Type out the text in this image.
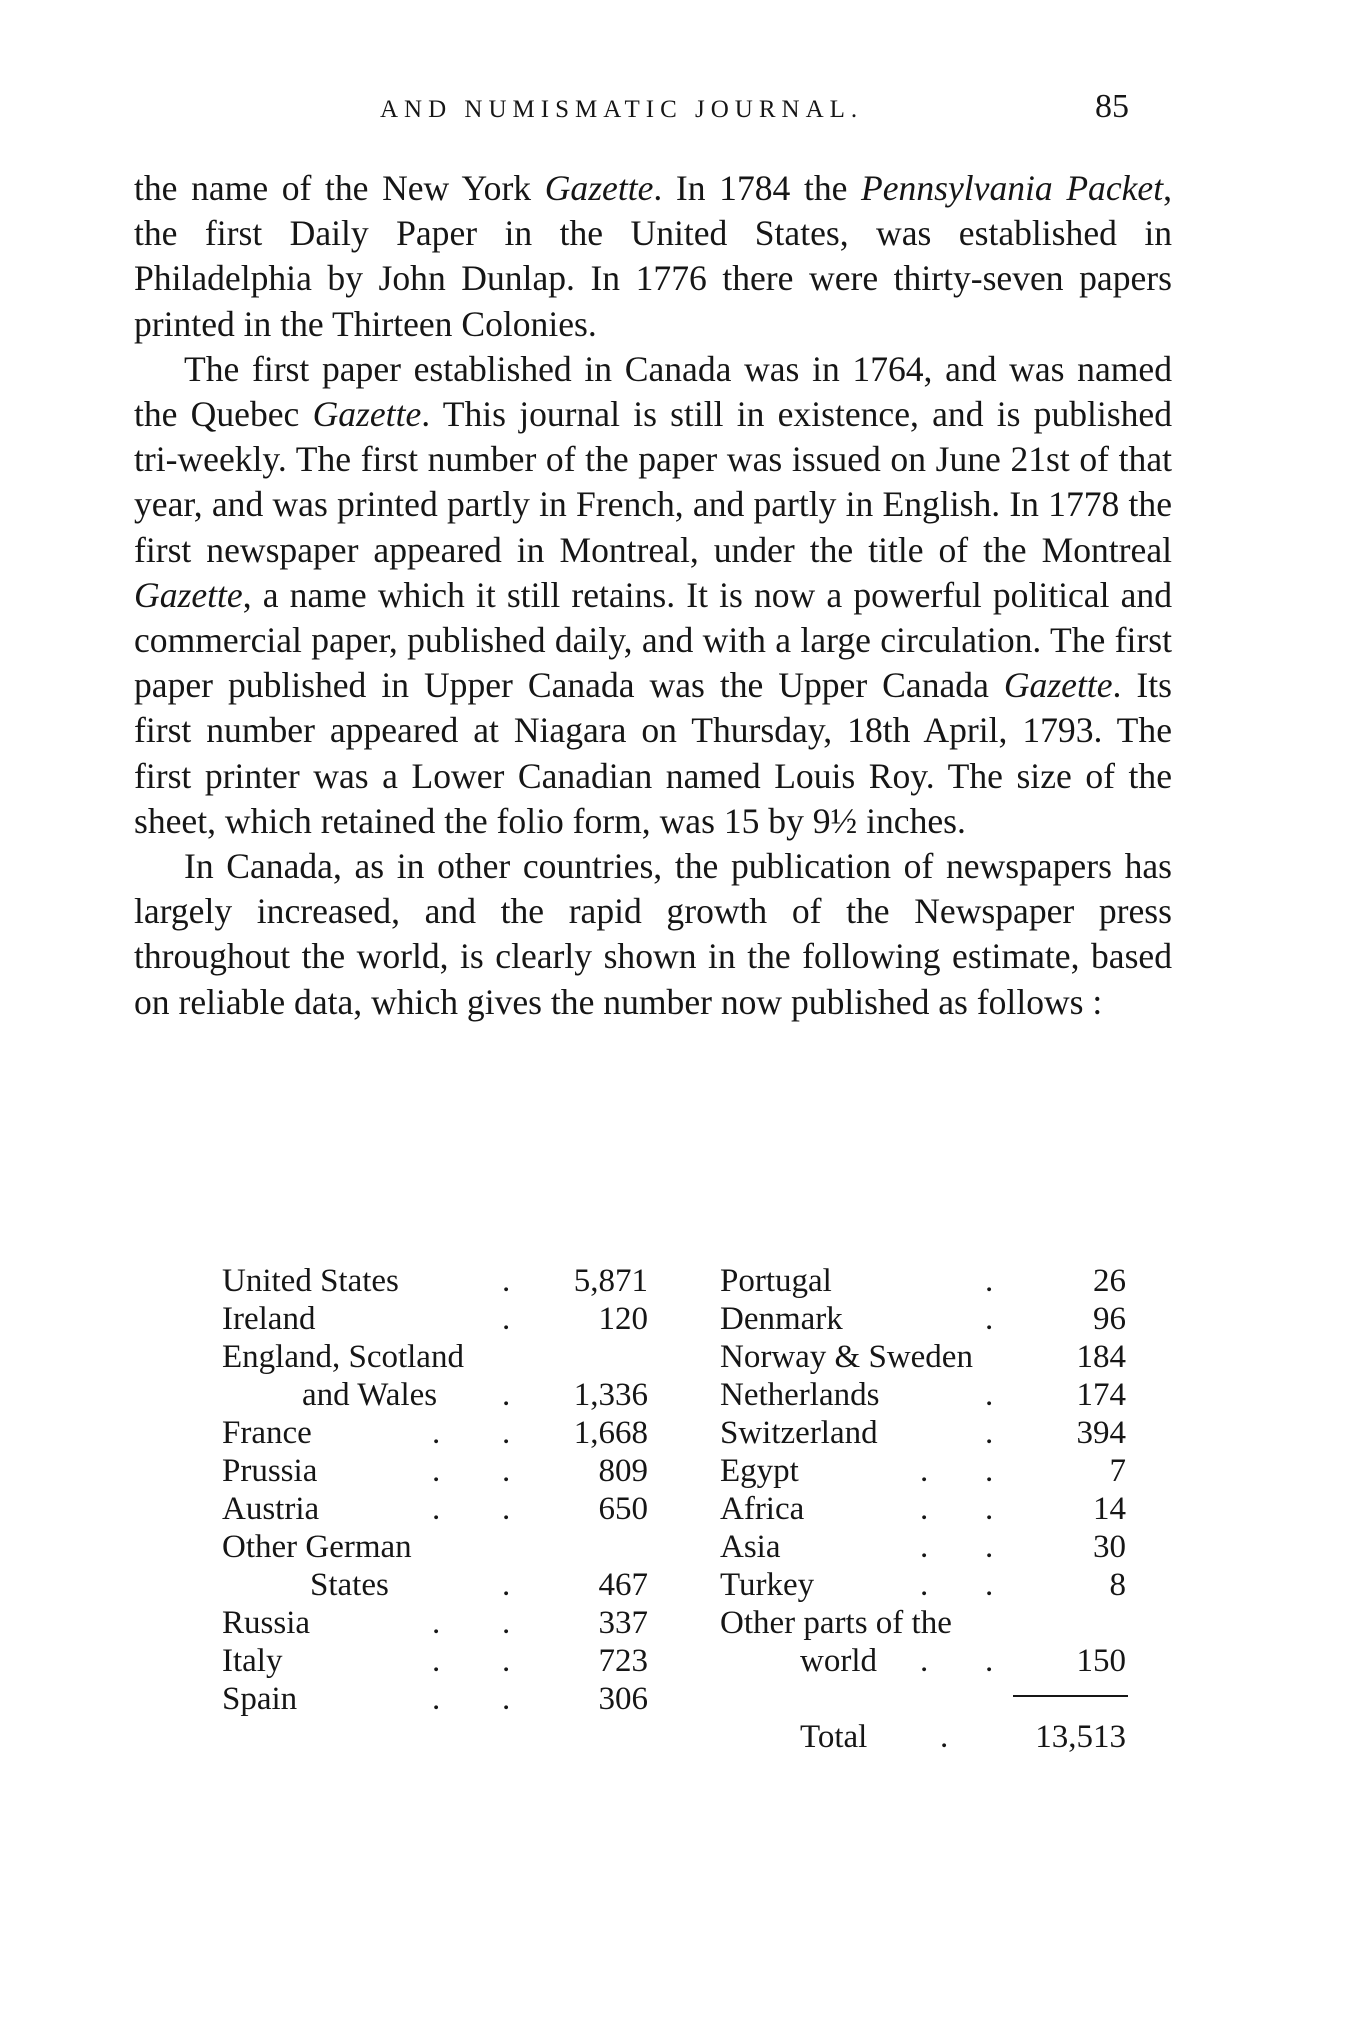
AND NUMISMATIC JOURNAL.	85

the name of the New York Gazette. In 1784 the Pennsylvania Packet, the first Daily Paper in the United States, was established in Philadelphia by John Dunlap. In 1776 there were thirty-seven papers printed in the Thirteen Colonies.

The first paper established in Canada was in 1764, and was named the Quebec Gazette. This journal is still in existence, and is published tri-weekly. The first number of the paper was issued on June 21st of that year, and was printed partly in French, and partly in English. In 1778 the first newspaper appeared in Montreal, under the title of the Montreal Gazette, a name which it still retains. It is now a powerful political and commercial paper, published daily, and with a large circulation. The first paper published in Upper Canada was the Upper Canada Gazette. Its first number appeared at Niagara on Thursday, 18th April, 1793. The first printer was a Lower Canadian named Louis Roy. The size of the sheet, which retained the folio form, was 15 by 9½ inches.

In Canada, as in other countries, the publication of newspapers has largely increased, and the rapid growth of the Newspaper press throughout the world, is clearly shown in the following estimate, based on reliable data, which gives the number now published as follows :

United States	.	5,871
Ireland	.	120
England, Scotland
and Wales .	1,336
France	. .	1,668
Prussia	. .	809
Austria	. .	650
Other German
States	.	467
Russia	. .	337
Italy	. .	723
Spain	. .	306
Portugal	.	26
Denmark	.	96
Norway & Sweden	184
Netherlands	.	174
Switzerland	.	394
Egypt	. .	7
Africa	. .	14
Asia	. .	30
Turkey	. .	8
Other parts of the
world . .	150
Total .	13,513
